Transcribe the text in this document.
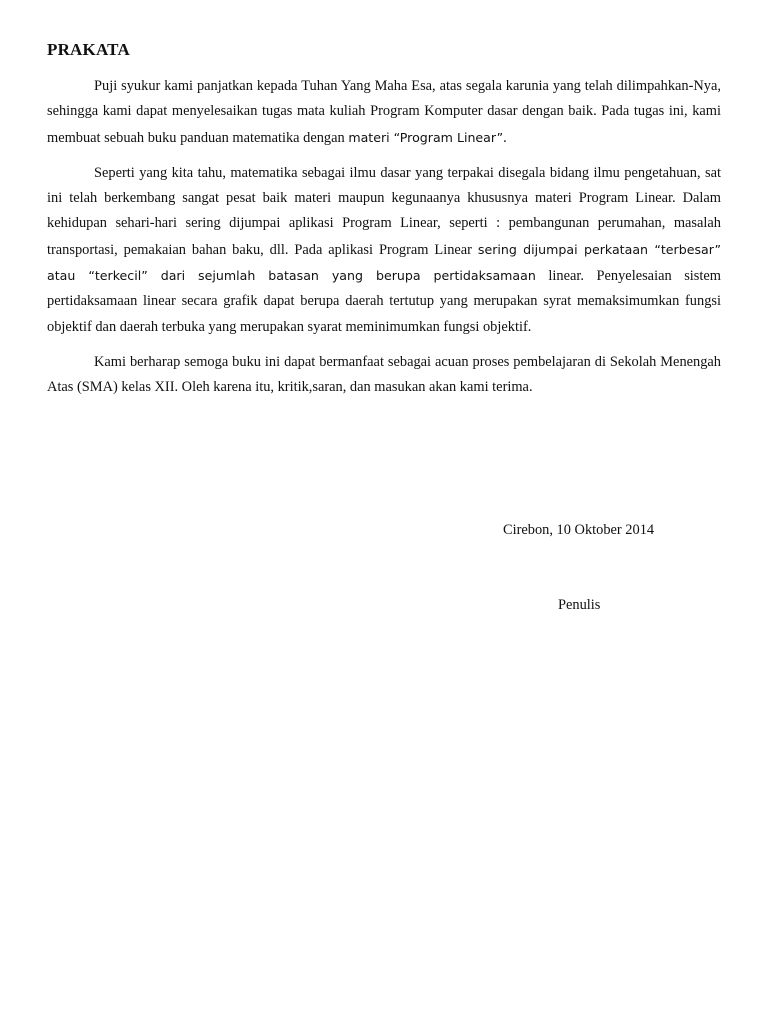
PRAKATA

Puji syukur kami panjatkan kepada Tuhan Yang Maha Esa, atas segala karunia yang telah dilimpahkan-Nya, sehingga kami dapat menyelesaikan tugas mata kuliah Program Komputer dasar dengan baik. Pada tugas ini, kami membuat sebuah buku panduan matematika dengan materi “Program Linear”.

Seperti yang kita tahu, matematika sebagai ilmu dasar yang terpakai disegala bidang ilmu pengetahuan, sat ini telah berkembang sangat pesat baik materi maupun kegunaanya khususnya materi Program Linear. Dalam kehidupan sehari-hari sering dijumpai aplikasi Program Linear, seperti : pembangunan perumahan, masalah transportasi, pemakaian bahan baku, dll. Pada aplikasi Program Linear sering dijumpai perkataan “terbesar” atau “terkecil” dari sejumlah batasan yang berupa pertidaksamaan linear. Penyelesaian sistem pertidaksamaan linear secara grafik dapat berupa daerah tertutup yang merupakan syrat memaksimumkan fungsi objektif dan daerah terbuka yang merupakan syarat meminimumkan fungsi objektif.

Kami berharap semoga buku ini dapat bermanfaat sebagai acuan proses pembelajaran di Sekolah Menengah Atas (SMA) kelas XII. Oleh karena itu, kritik,saran, dan masukan akan kami terima.

Cirebon, 10 Oktober 2014
Penulis
